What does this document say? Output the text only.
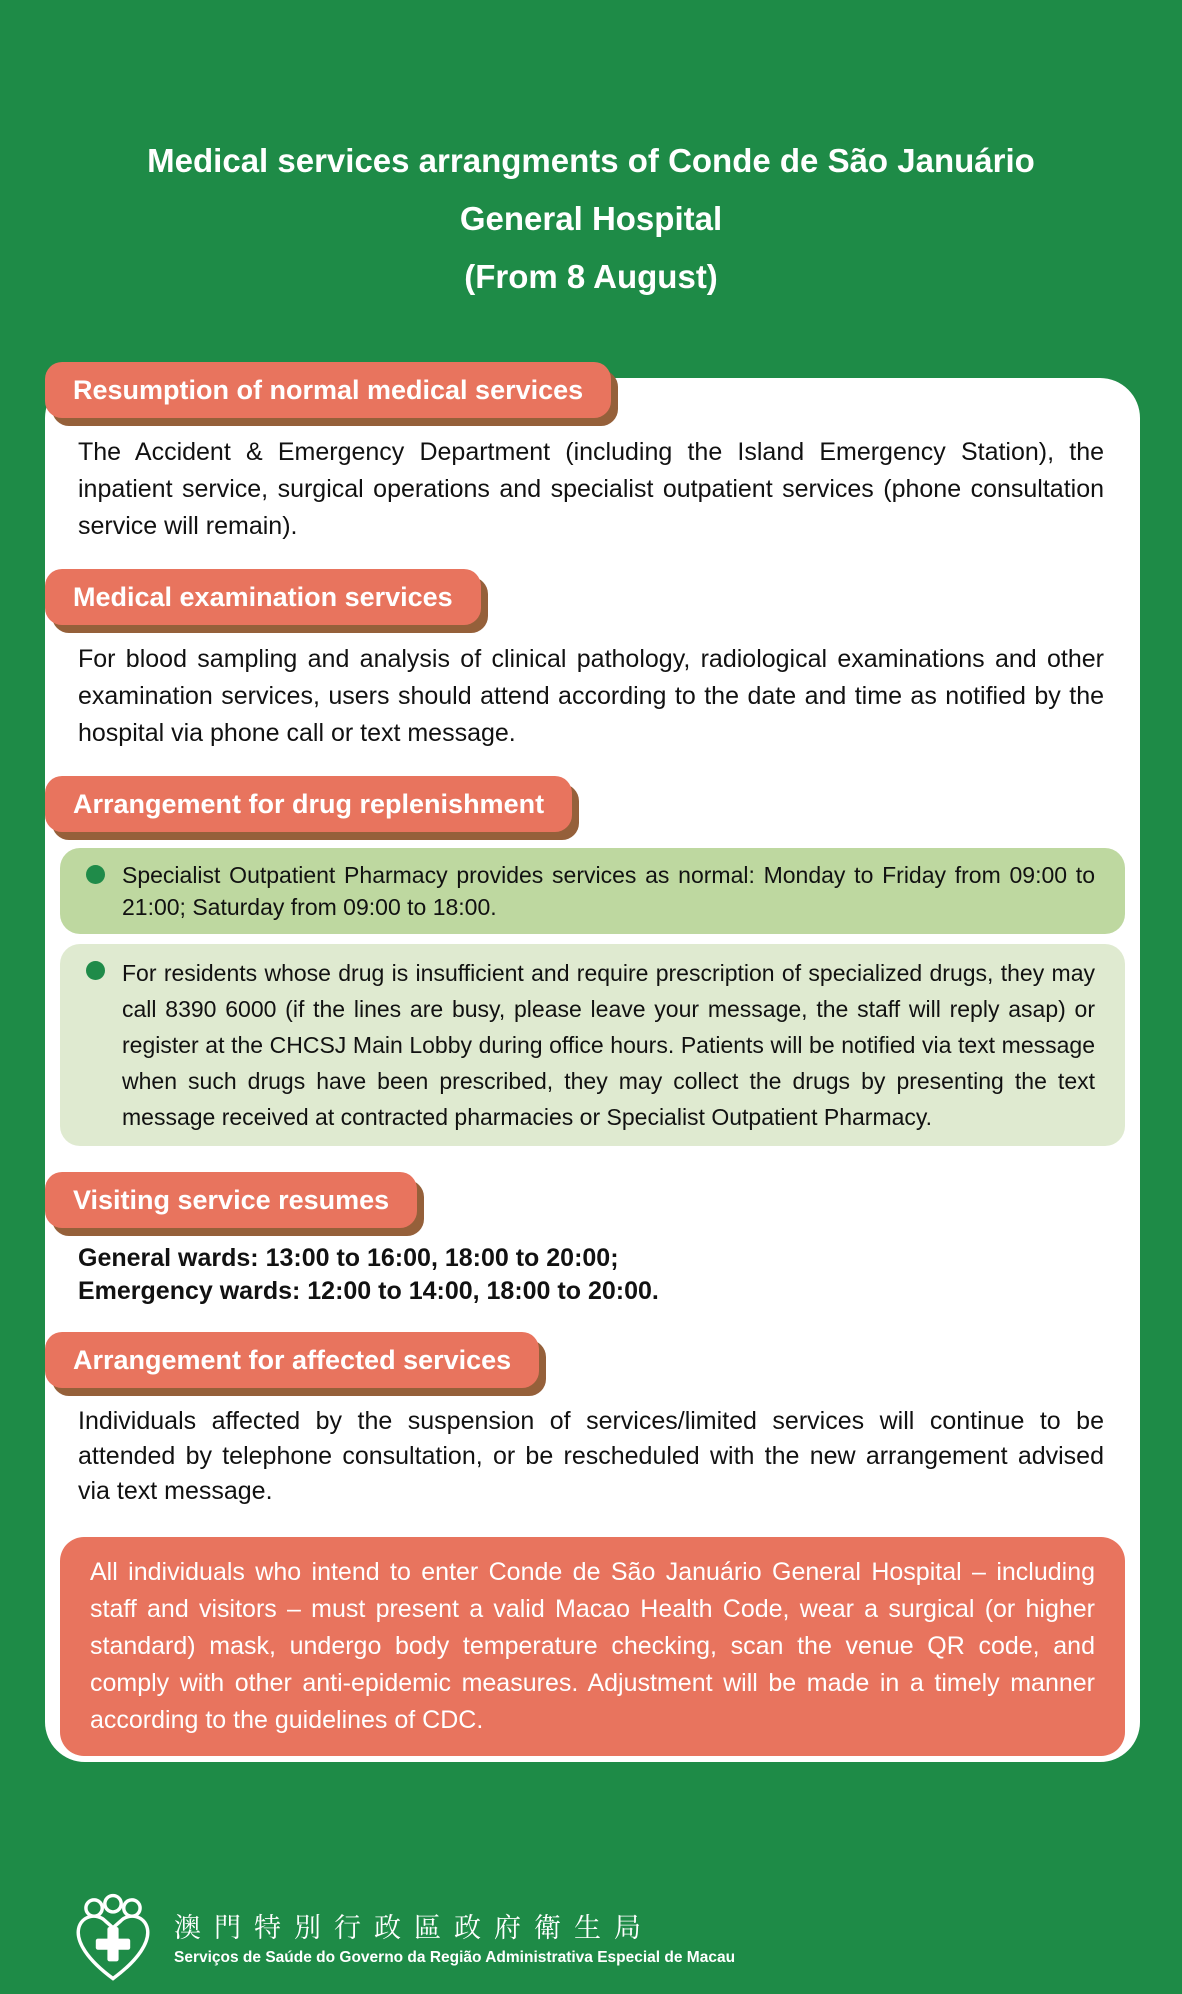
Medical services arrangments of Conde de São Januário
General Hospital
(From 8 August)
Resumption of normal medical services

The Accident & Emergency Department (including the Island Emergency Station), the inpatient service, surgical operations and specialist outpatient services (phone consultation service will remain).

Medical examination services

For blood sampling and analysis of clinical pathology, radiological examinations and other examination services, users should attend according to the date and time as notified by the hospital via phone call or text message.

Arrangement for drug replenishment
Specialist Outpatient Pharmacy provides services as normal: Monday to Friday from 09:00 to 21:00; Saturday from 09:00 to 18:00.
For residents whose drug is insufficient and require prescription of specialized drugs, they may call 8390 6000 (if the lines are busy, please leave your message, the staff will reply asap) or register at the CHCSJ Main Lobby during office hours. Patients will be notified via text message when such drugs have been prescribed, they may collect the drugs by presenting the text message received at contracted pharmacies or Specialist Outpatient Pharmacy.
Visiting service resumes
General wards: 13:00 to 16:00, 18:00 to 20:00;
Emergency wards: 12:00 to 14:00, 18:00 to 20:00.
Arrangement for affected services

Individuals affected by the suspension of services/limited services will continue to be attended by telephone consultation, or be rescheduled with the new arrangement advised via text message.

All individuals who intend to enter Conde de São Januário General Hospital – including staff and visitors – must present a valid Macao Health Code, wear a surgical (or higher standard) mask, undergo body temperature checking, scan the venue QR code, and comply with other anti-epidemic measures. Adjustment will be made in a timely manner according to the guidelines of CDC.
澳門特別行政區政府衛生局
Serviços de Saúde do Governo da Região Administrativa Especial de Macau
